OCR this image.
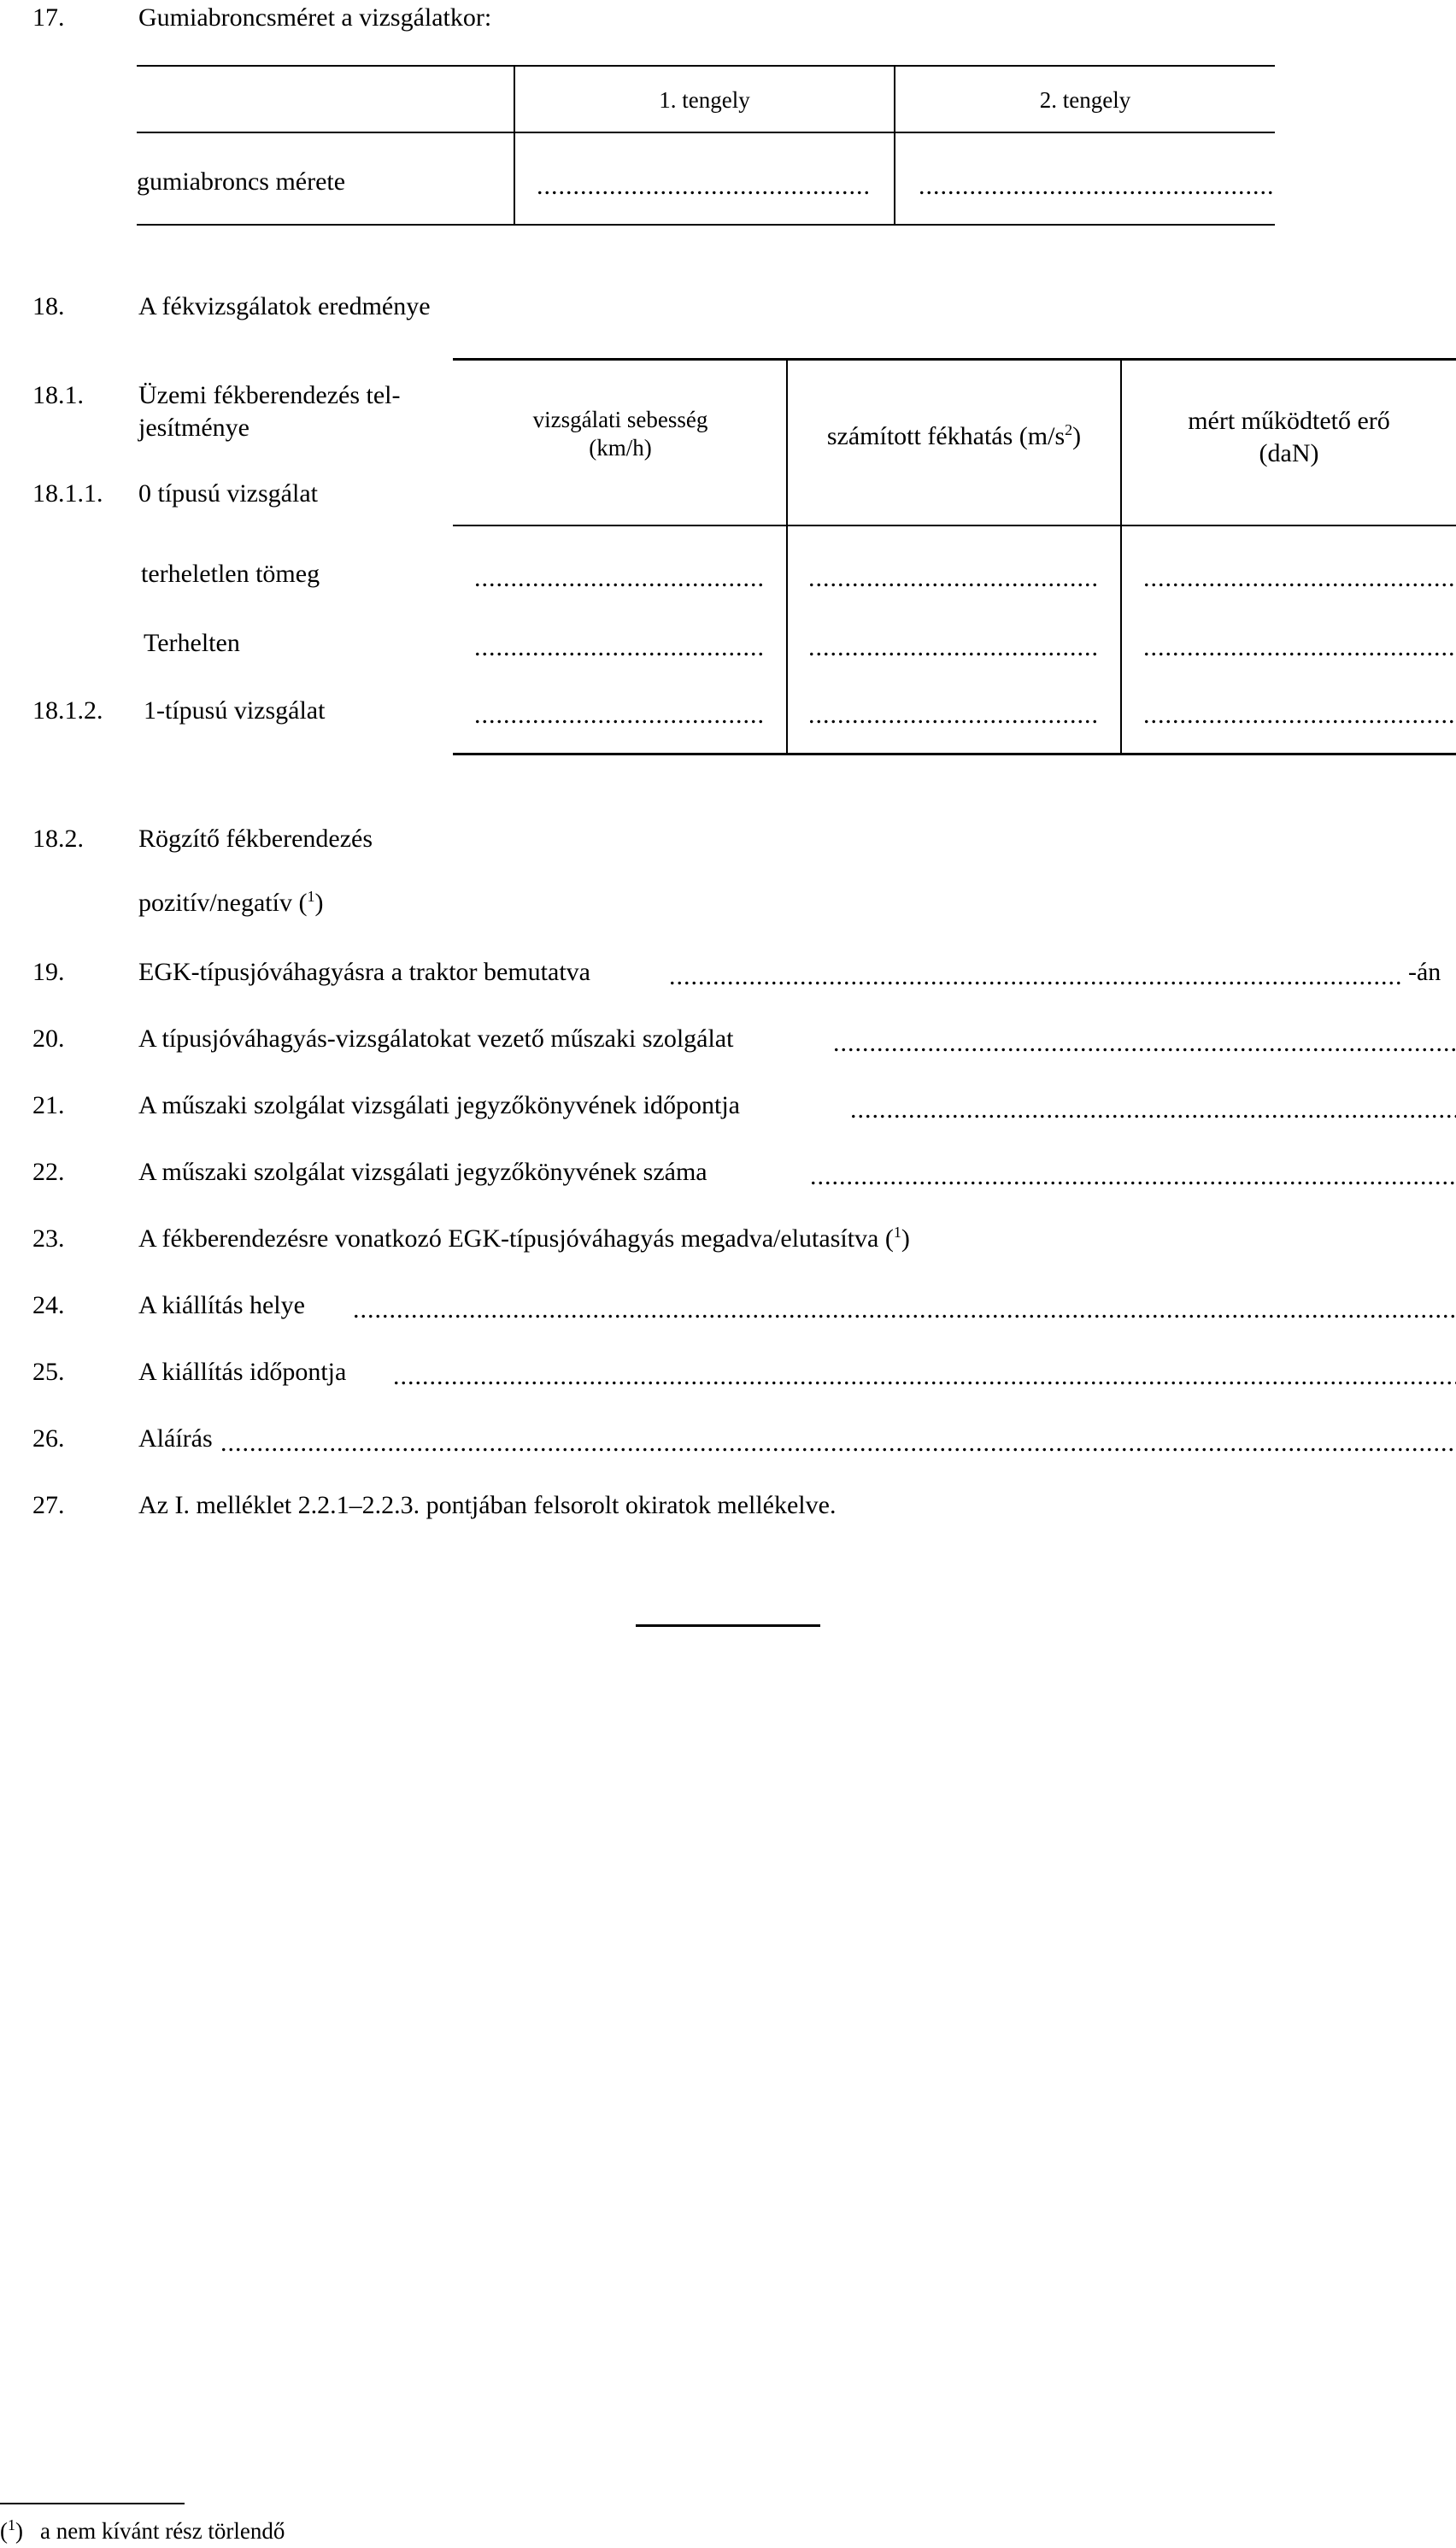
17.	Gumiabroncsméret a vizsgálatkor:
1. tengely	2. tengely
gumiabroncs mérete
.....
.....
18.	A fékvizsgálatok eredménye
18.1. Üzemi fékberendezés tel-
jesítménye
18.1.1. 0 típusú vizsgálat
vizsgálati sebesség
(km/h)	számított fékhatás $(m/s^2)$
mért működtető erő
(daN)
terheletlen tömeg
.....
.....
.....
Terhelten
.....
.....
.....
18.1.2. 1-típusú vizsgálat
.....
.....
.....
18.2. Rögzítő fékberendezés
pozitív/negatív ($^1$)
19.	EGK-típusjóváhagyásra a traktor bemutatva
.....	-án
20.	A típusjóváhagyás-vizsgálatokat vezető műszaki szolgálat
.....
21.	A műszaki szolgálat vizsgálati jegyzőkönyvének időpontja
.....
22.	A műszaki szolgálat vizsgálati jegyzőkönyvének száma
.....
23.	A fékberendezésre vonatkozó EGK-típusjóváhagyás megadva/elutasítva ($^1$)
24.	A kiállítás helye
.....
25.	A kiállítás időpontja
.....
26.	Aláírás
.....
27.	Az I. melléklet 2.2.1–2.2.3. pontjában felsorolt okiratok mellékelve.
($^1$) a nem kívánt rész törlendő
